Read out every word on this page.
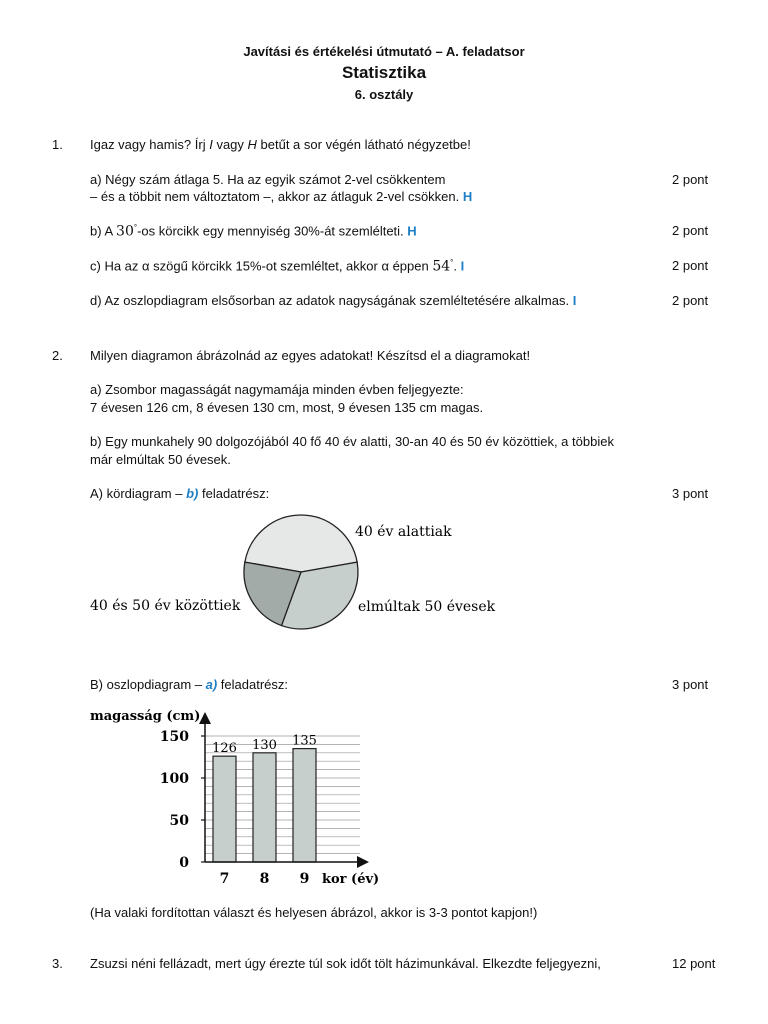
Javítási és értékelési útmutató – A. feladatsor
Statisztika
6. osztály
1. Igaz vagy hamis? Írj I vagy H betűt a sor végén látható négyzetbe!
a) Négy szám átlaga 5. Ha az egyik számot 2-vel csökkentem	2 pont
– és a többit nem változtatom –, akkor az átlaguk 2-vel csökken. H
b) A 30°-os körcikk egy mennyiség 30%-át szemlélteti. H	2 pont
c) Ha az α szögű körcikk 15%-ot szemléltet, akkor α éppen 54°. I	2 pont
d) Az oszlopdiagram elsősorban az adatok nagyságának szemléltetésére alkalmas. I	2 pont
2. Milyen diagramon ábrázolnád az egyes adatokat! Készítsd el a diagramokat!
a) Zsombor magasságát nagymamája minden évben feljegyezte:
7 évesen 126 cm, 8 évesen 130 cm, most, 9 évesen 135 cm magas.
b) Egy munkahely 90 dolgozójából 40 fő 40 év alatti, 30-an 40 és 50 év közöttiek, a többiek
már elmúltak 50 évesek.
A) kördiagram – b) feladatrész:	3 pont
40 év alattiak
40 és 50 év közöttiek	elmúltak 50 évesek
B) oszlopdiagram – a) feladatrész:	3 pont
magasság (cm)
kor (év)
0
50
100
150
7 8 9
126 130 135
(Ha valaki fordítottan választ és helyesen ábrázol, akkor is 3-3 pontot kapjon!)
3. Zsuzsi néni fellázadt, mert úgy érezte túl sok időt tölt házimunkával. Elkezdte feljegyezni,	12 pont
